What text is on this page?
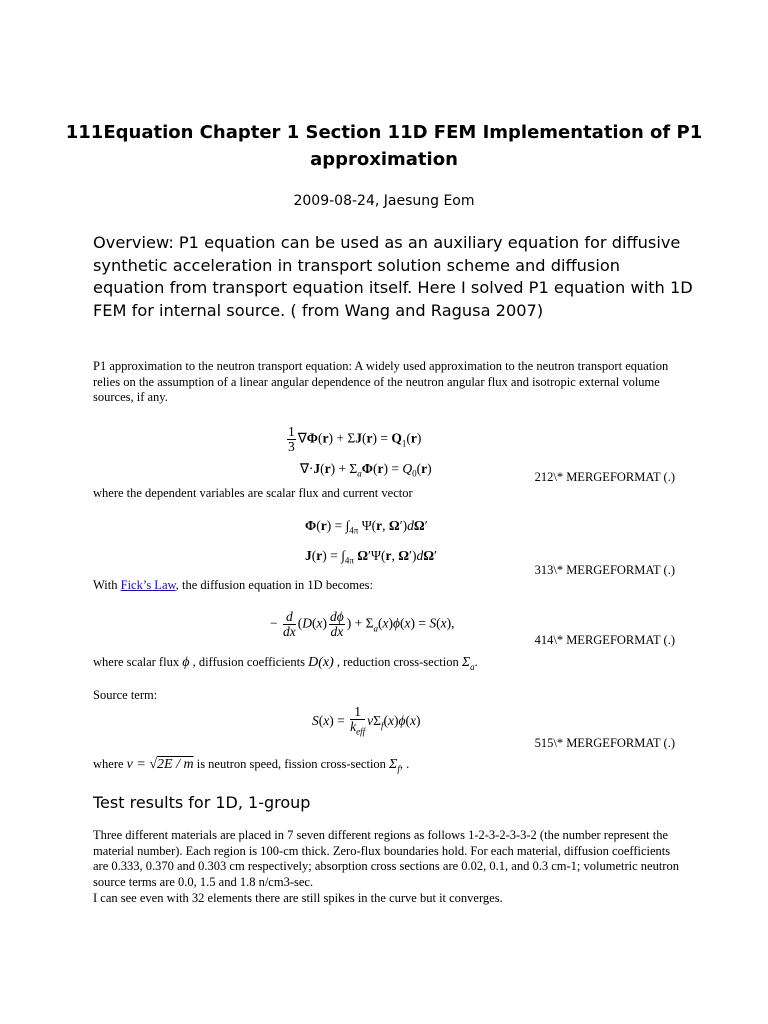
111Equation Chapter 1 Section 11D FEM Implementation of P1 approximation
2009-08-24, Jaesung Eom
Overview: P1 equation can be used as an auxiliary equation for diffusive synthetic acceleration in transport solution scheme and diffusion equation from transport equation itself. Here I solved P1 equation with 1D FEM for internal source. ( from Wang and Ragusa 2007)
P1 approximation to the neutron transport equation: A widely used approximation to the neutron transport equation relies on the assumption of a linear angular dependence of the neutron angular flux and isotropic external volume sources, if any.
$\frac{1}{3} \nabla\Phi(r) + \Sigma J(r) = Q_1(r)$
$\nabla\cdot J(r) + \Sigma_a\Phi(r) = Q_0(r)$
212\* MERGEFORMAT (.)
where the dependent variables are scalar flux and current vector
$\Phi(r) = \int_{4\pi}$ Ψ(r, Ω′)dΩ′
$J(r) = \int_{4\pi}$ Ω′Ψ(r, Ω′)dΩ′
313\* MERGEFORMAT (.)
With Fick’s Law, the diffusion equation in 1D becomes:
− $\frac{d}{dx} (D(x) \frac{d\phi}{dx}$ ) + $\Sigma_a(x)\phi(x) = S(x)$,
414\* MERGEFORMAT (.)
where scalar flux ϕ , diffusion coefficients D(x) , reduction cross-section $\Sigma_a$.
Source term:
$S(x) = \frac{1}{k_{eff}} \nu\Sigma_f(x)\phi(x)$
515\* MERGEFORMAT (.)
where ν = √2E / m is neutron speed, fission cross-section $\Sigma_f$, .
Test results for 1D, 1-group
Three different materials are placed in 7 seven different regions as follows 1-2-3-2-3-3-2 (the number represent the material number). Each region is 100-cm thick. Zero-flux boundaries hold. For each material, diffusion coefficients are 0.333, 0.370 and 0.303 cm respectively; absorption cross sections are 0.02, 0.1, and 0.3 cm-1; volumetric neutron source terms are 0.0, 1.5 and 1.8 n/cm3-sec.
I can see even with 32 elements there are still spikes in the curve but it converges.
